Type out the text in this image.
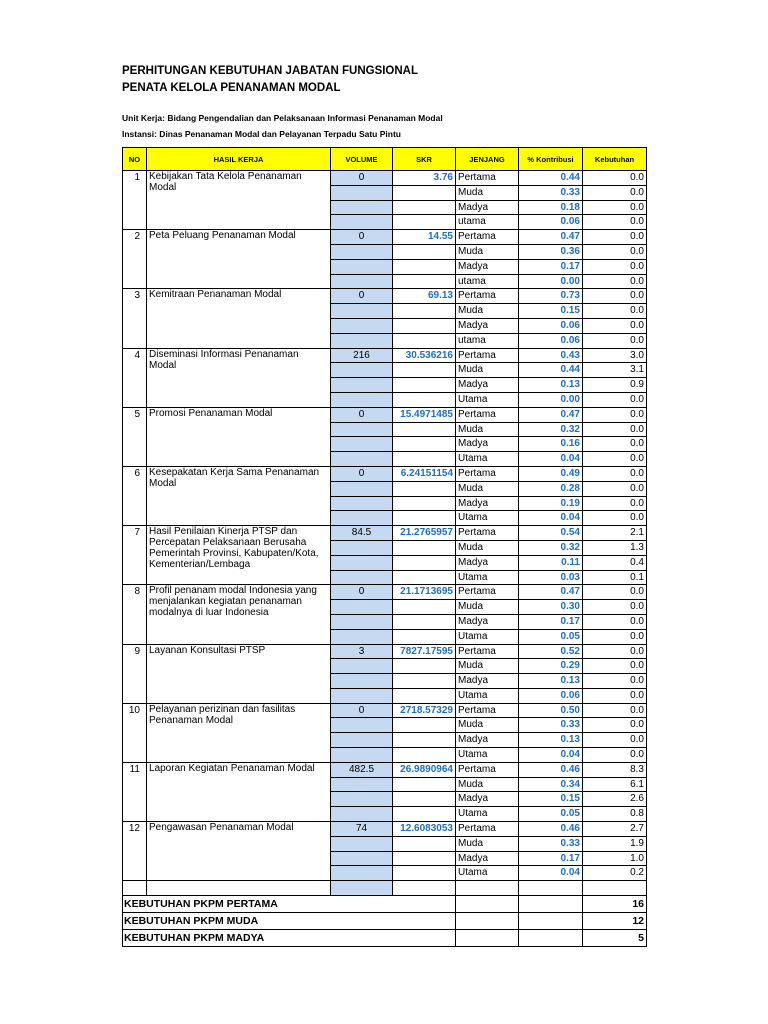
PERHITUNGAN KEBUTUHAN JABATAN FUNGSIONAL
PENATA KELOLA PENANAMAN MODAL
Unit Kerja: Bidang Pengendalian dan Pelaksanaan Informasi Penanaman Modal
Instansi: Dinas Penanaman Modal dan Pelayanan Terpadu Satu Pintu
NO	HASIL KERJA	VOLUME	SKR	JENJANG	% Kontribusi	Kebutuhan
1	Kebijakan Tata Kelola Penanaman Modal	0	3.76	Pertama	0.44	0.0
				Muda	0.33	0.0
				Madya	0.18	0.0
				utama	0.06	0.0
2	Peta Peluang Penanaman Modal	0	14.55	Pertama	0.47	0.0
				Muda	0.36	0.0
				Madya	0.17	0.0
				utama	0.00	0.0
3	Kemitraan Penanaman Modal	0	69.13	Pertama	0.73	0.0
				Muda	0.15	0.0
				Madya	0.06	0.0
				utama	0.06	0.0
4	Diseminasi Informasi Penanaman Modal	216	30.536216	Pertama	0.43	3.0
				Muda	0.44	3.1
				Madya	0.13	0.9
				Utama	0.00	0.0
5	Promosi Penanaman Modal	0	15.4971485	Pertama	0.47	0.0
				Muda	0.32	0.0
				Madya	0.16	0.0
				Utama	0.04	0.0
6	Kesepakatan Kerja Sama Penanaman Modal	0	6.24151154	Pertama	0.49	0.0
				Muda	0.28	0.0
				Madya	0.19	0.0
				Utama	0.04	0.0
7	Hasil Penilaian Kinerja PTSP dan Percepatan Pelaksanaan Berusaha Pemerintah Provinsi, Kabupaten/Kota, Kementerian/Lembaga	84.5	21.2765957	Pertama	0.54	2.1
				Muda	0.32	1.3
				Madya	0.11	0.4
				Utama	0.03	0.1
8	Profil penanam modal Indonesia yang menjalankan kegiatan penanaman modalnya di luar Indonesia	0	21.1713695	Pertama	0.47	0.0
				Muda	0.30	0.0
				Madya	0.17	0.0
				Utama	0.05	0.0
9	Layanan Konsultasi PTSP	3	7827.17595	Pertama	0.52	0.0
				Muda	0.29	0.0
				Madya	0.13	0.0
				Utama	0.06	0.0
10	Pelayanan perizinan dan fasilitas Penanaman Modal	0	2718.57329	Pertama	0.50	0.0
				Muda	0.33	0.0
				Madya	0.13	0.0
				Utama	0.04	0.0
11	Laporan Kegiatan Penanaman Modal	482.5	26.9890964	Pertama	0.46	8.3
				Muda	0.34	6.1
				Madya	0.15	2.6
				Utama	0.05	0.8
12	Pengawasan Penanaman Modal	74	12.6083053	Pertama	0.46	2.7
				Muda	0.33	1.9
				Madya	0.17	1.0
				Utama	0.04	0.2

KEBUTUHAN PKPM PERTAMA						16
KEBUTUHAN PKPM MUDA						12
KEBUTUHAN PKPM MADYA						5
